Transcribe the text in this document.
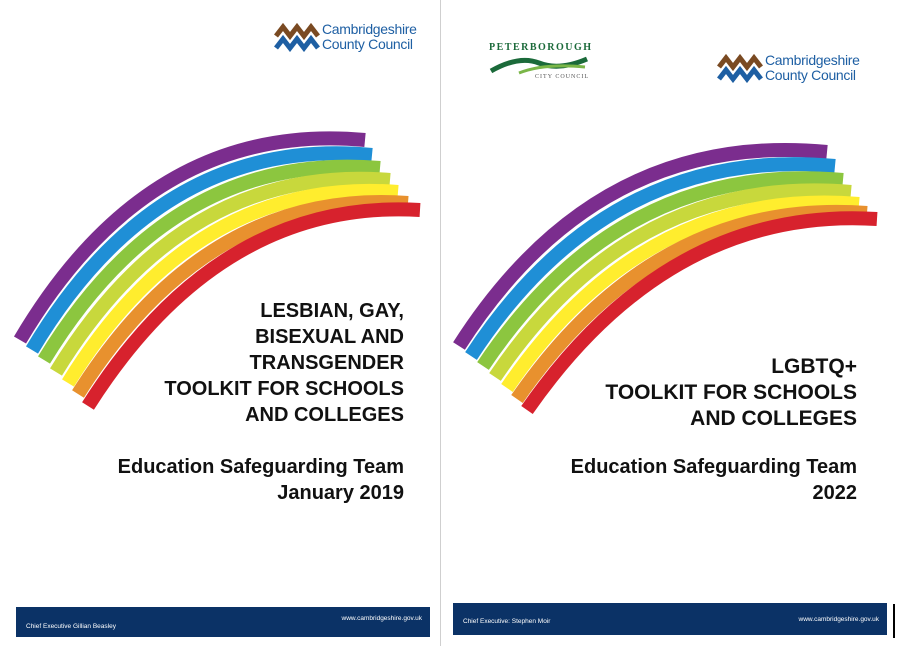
Cambridgeshire
County Council
LESBIAN, GAY,
BISEXUAL AND
TRANSGENDER
TOOLKIT FOR SCHOOLS
AND COLLEGES
Education Safeguarding Team
January 2019
Chief Executive Gillian Beasley
www.cambridgeshire.gov.uk
PETERBOROUGH
CITY COUNCIL
Cambridgeshire
County Council
LGBTQ+
TOOLKIT FOR SCHOOLS
AND COLLEGES
Education Safeguarding Team
2022
Chief Executive: Stephen Moir	www.cambridgeshire.gov.uk
